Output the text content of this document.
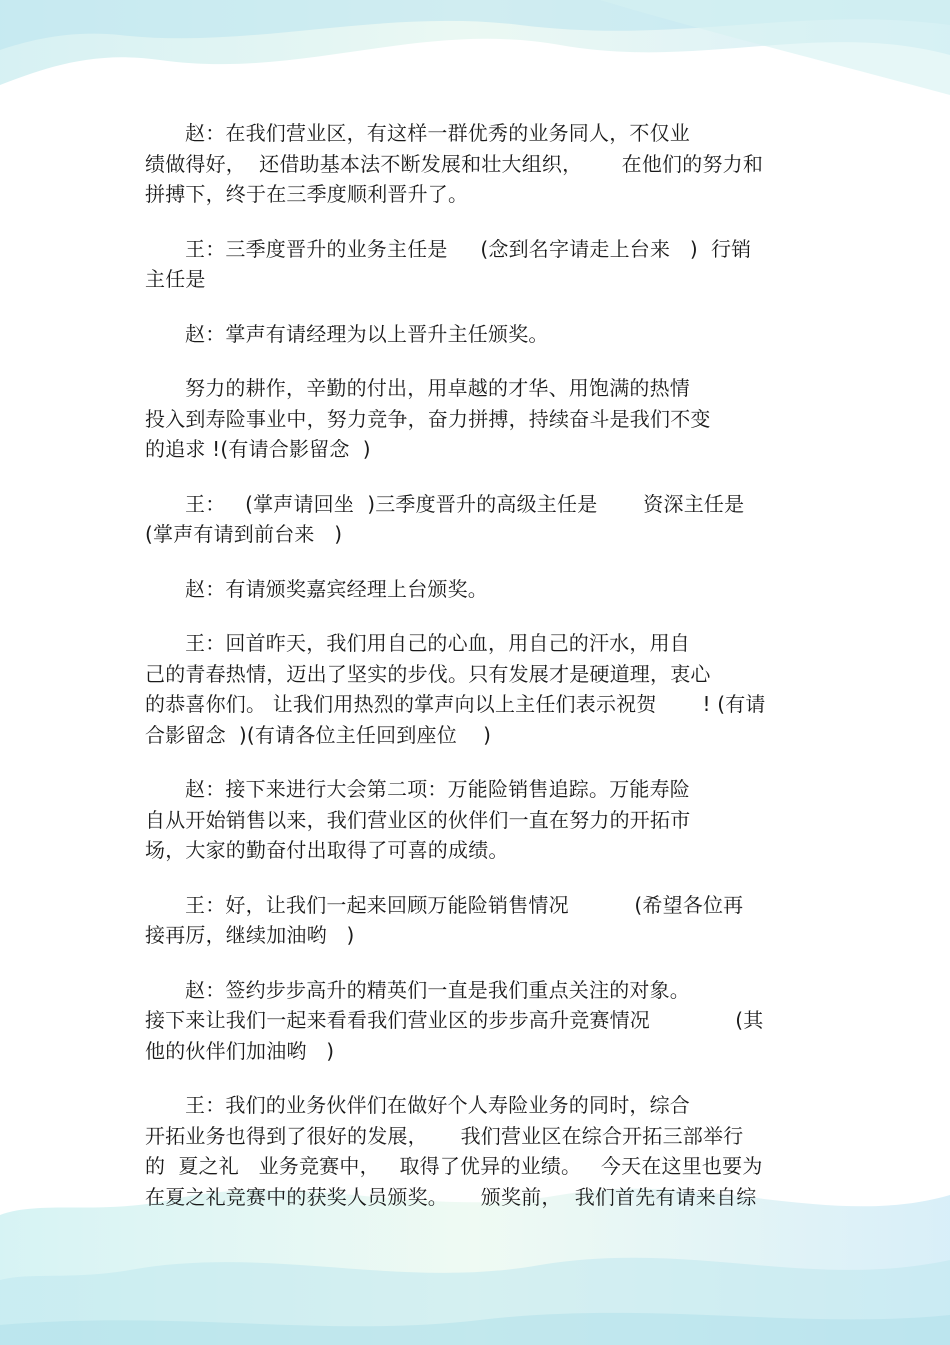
赵：在我们营业区，有这样一群优秀的业务同人，不仅业
绩做得好，  还借助基本法不断发展和壮大组织，      在他们的努力和
拼搏下，终于在三季度顺利晋升了。

王：三季度晋升的业务主任是     (念到名字请走上台来   )  行销
主任是

赵：掌声有请经理为以上晋升主任颁奖。

努力的耕作，辛勤的付出，用卓越的才华、用饱满的热情
投入到寿险事业中，努力竞争，奋力拼搏，持续奋斗是我们不变
的追求 !(有请合影留念  )

王：   (掌声请回坐  )三季度晋升的高级主任是       资深主任是
(掌声有请到前台来   )

赵：有请颁奖嘉宾经理上台颁奖。

王：回首昨天，我们用自己的心血，用自己的汗水，用自
己的青春热情，迈出了坚实的步伐。只有发展才是硬道理，衷心
的恭喜你们。 让我们用热烈的掌声向以上主任们表示祝贺       ! (有请
合影留念  )(有请各位主任回到座位    )

赵：接下来进行大会第二项：万能险销售追踪。万能寿险
自从开始销售以来，我们营业区的伙伴们一直在努力的开拓市
场，大家的勤奋付出取得了可喜的成绩。

王：好，让我们一起来回顾万能险销售情况          (希望各位再
接再厉，继续加油哟   )

赵：签约步步高升的精英们一直是我们重点关注的对象。
接下来让我们一起来看看我们营业区的步步高升竞赛情况             (其
他的伙伴们加油哟   )

王：我们的业务伙伴们在做好个人寿险业务的同时，综合
开拓业务也得到了很好的发展，     我们营业区在综合开拓三部举行
的  夏之礼   业务竞赛中，   取得了优异的业绩。   今天在这里也要为
在夏之礼竞赛中的获奖人员颁奖。     颁奖前，  我们首先有请来自综
